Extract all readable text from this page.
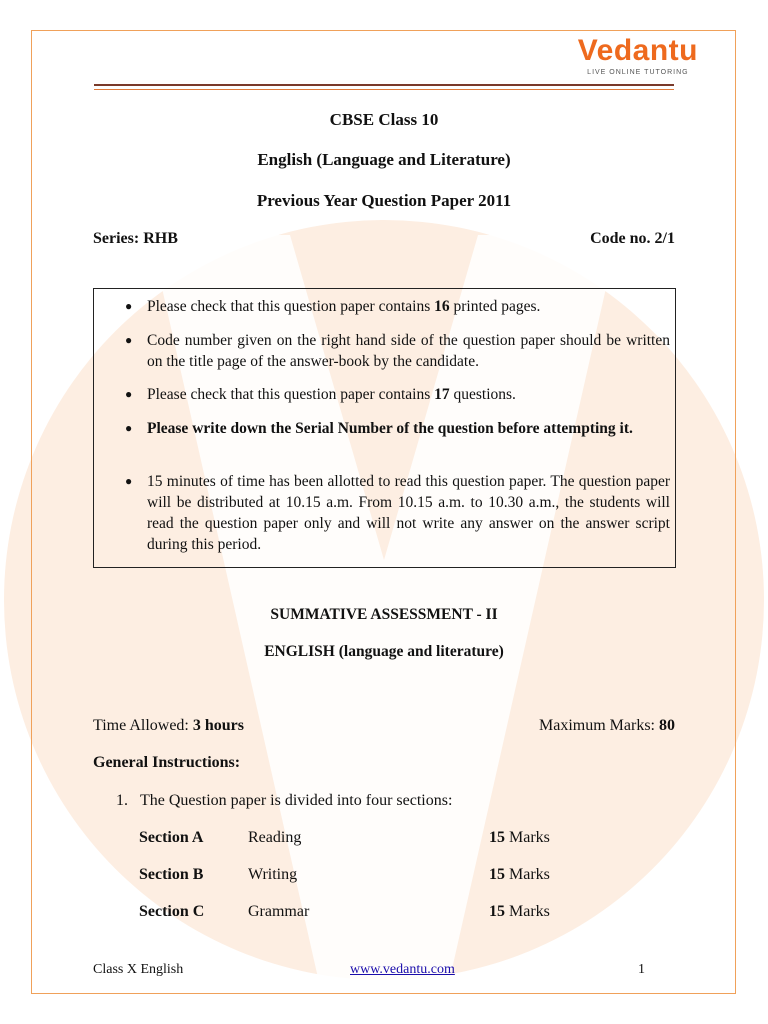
Vedantu
LIVE ONLINE TUTORING
CBSE Class 10
English (Language and Literature)
Previous Year Question Paper 2011
Series: RHB	Code no. 2/1
● Please check that this question paper contains 16 printed pages.
● Code number given on the right hand side of the question paper should be written on the title page of the answer-book by the candidate.
● Please check that this question paper contains 17 questions.
● Please write down the Serial Number of the question before attempting it.
● 15 minutes of time has been allotted to read this question paper. The question paper will be distributed at 10.15 a.m. From 10.15 a.m. to 10.30 a.m., the students will read the question paper only and will not write any answer on the answer script during this period.
SUMMATIVE ASSESSMENT - II
ENGLISH (language and literature)
Time Allowed: 3 hours	Maximum Marks: 80
General Instructions:
1. The Question paper is divided into four sections:
Section A	Reading	15 Marks
Section B	Writing	15 Marks
Section C	Grammar	15 Marks
Class X English	www.vedantu.com	1
